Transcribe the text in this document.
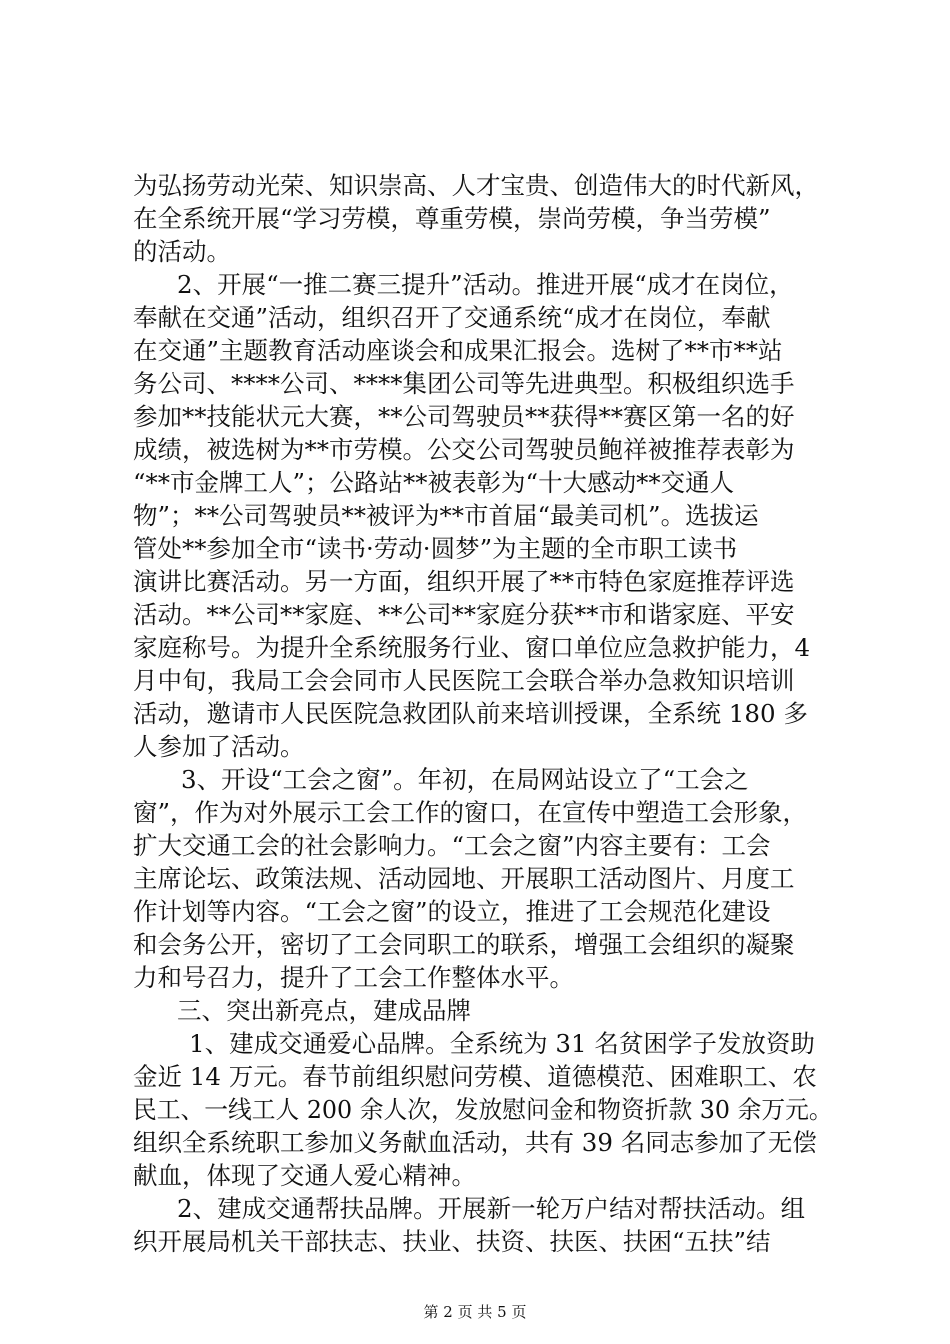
为弘扬劳动光荣、知识崇高、人才宝贵、创造伟大的时代新风，
在全系统开展“学习劳模，尊重劳模，崇尚劳模，争当劳模”
的活动。
2、开展“一推二赛三提升”活动。推进开展“成才在岗位，
奉献在交通”活动，组织召开了交通系统“成才在岗位，奉献
在交通”主题教育活动座谈会和成果汇报会。选树了**市**站
务公司、****公司、****集团公司等先进典型。积极组织选手
参加**技能状元大赛，**公司驾驶员**获得**赛区第一名的好
成绩，被选树为**市劳模。公交公司驾驶员鲍祥被推荐表彰为
“**市金牌工人”；公路站**被表彰为“十大感动**交通人
物”；**公司驾驶员**被评为**市首届“最美司机”。选拔运
管处**参加全市“读书·劳动·圆梦”为主题的全市职工读书
演讲比赛活动。另一方面，组织开展了**市特色家庭推荐评选
活动。**公司**家庭、**公司**家庭分获**市和谐家庭、平安
家庭称号。为提升全系统服务行业、窗口单位应急救护能力，4
月中旬，我局工会会同市人民医院工会联合举办急救知识培训
活动，邀请市人民医院急救团队前来培训授课，全系统 180 多
人参加了活动。
3、开设“工会之窗”。年初，在局网站设立了“工会之
窗”，作为对外展示工会工作的窗口，在宣传中塑造工会形象，
扩大交通工会的社会影响力。“工会之窗”内容主要有：工会
主席论坛、政策法规、活动园地、开展职工活动图片、月度工
作计划等内容。“工会之窗”的设立，推进了工会规范化建设
和会务公开，密切了工会同职工的联系，增强工会组织的凝聚
力和号召力，提升了工会工作整体水平。
三、突出新亮点，建成品牌
1、建成交通爱心品牌。全系统为 31 名贫困学子发放资助
金近 14 万元。春节前组织慰问劳模、道德模范、困难职工、农
民工、一线工人 200 余人次，发放慰问金和物资折款 30 余万元。
组织全系统职工参加义务献血活动，共有 39 名同志参加了无偿
献血，体现了交通人爱心精神。
2、建成交通帮扶品牌。开展新一轮万户结对帮扶活动。组
织开展局机关干部扶志、扶业、扶资、扶医、扶困“五扶”结
第 2 页 共 5 页
